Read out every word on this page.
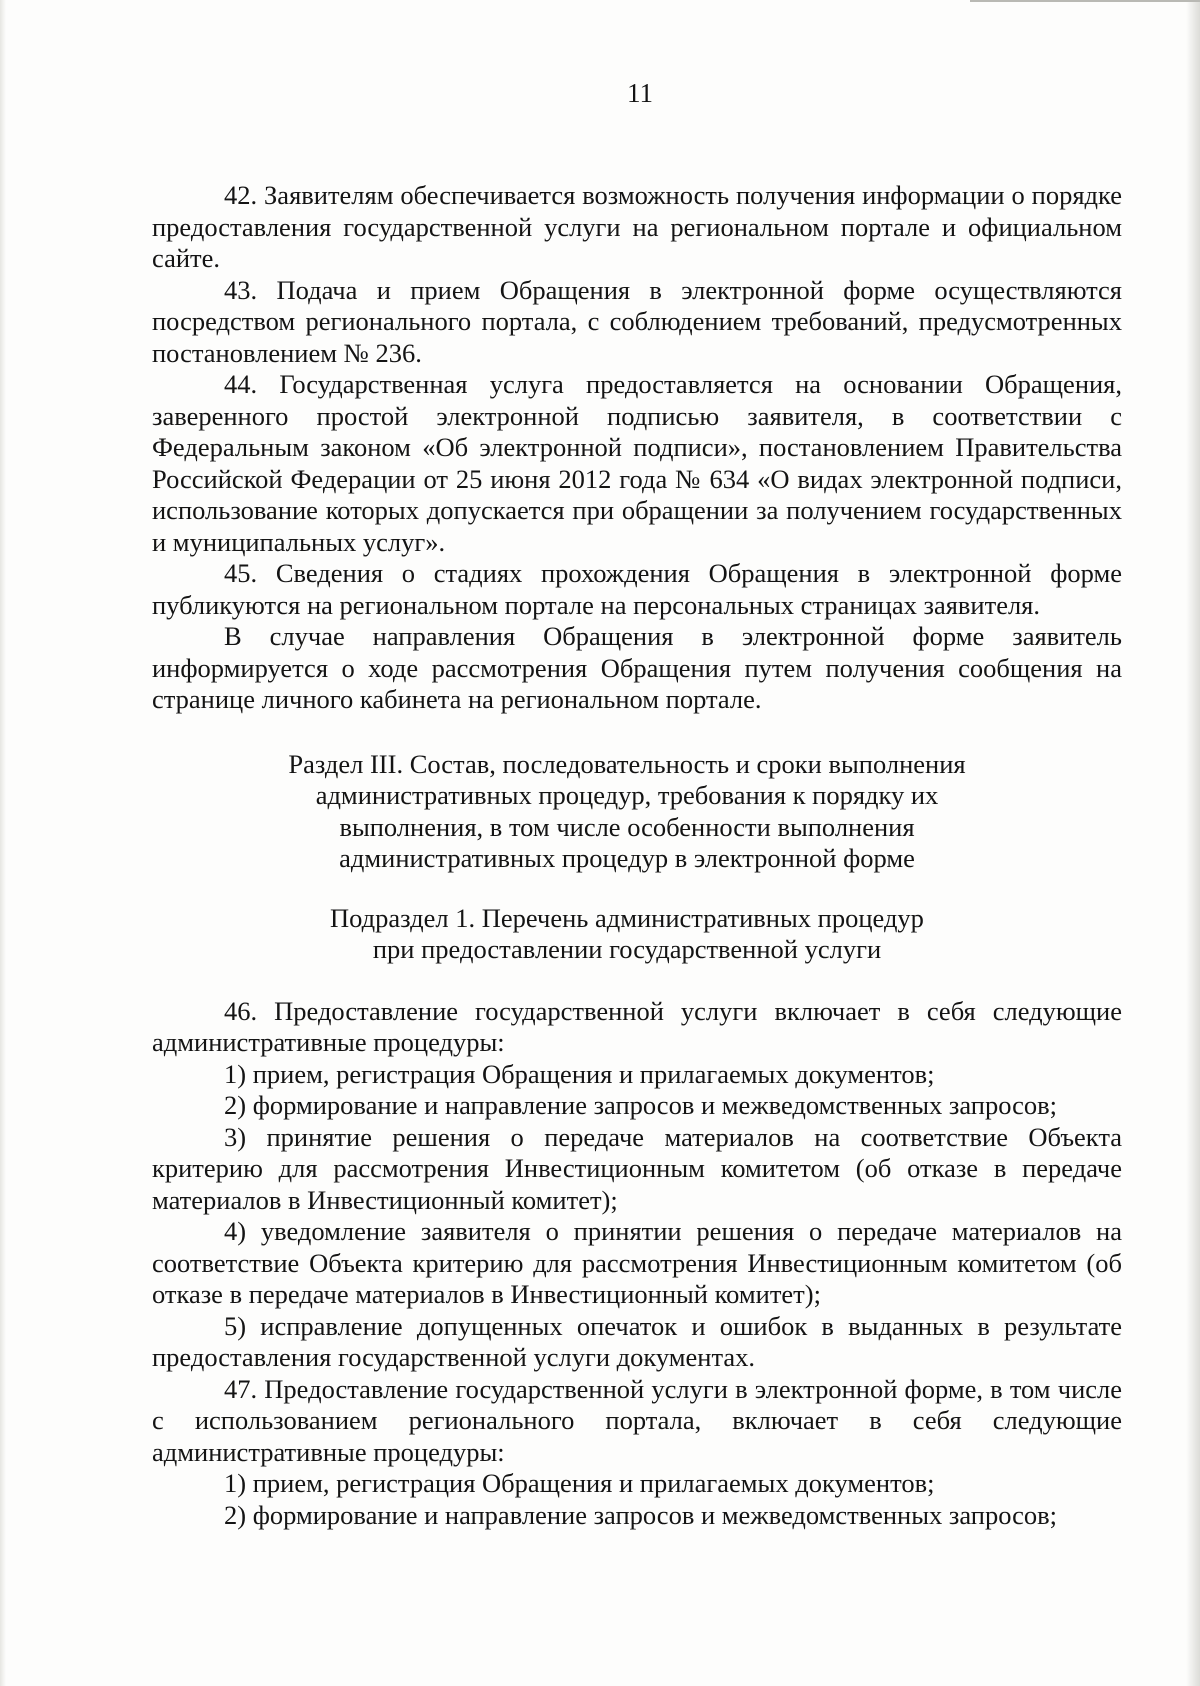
11

42. Заявителям обеспечивается возможность получения информации о порядке предоставления государственной услуги на региональном портале и официальном сайте.

43. Подача и прием Обращения в электронной форме осуществляются посредством регионального портала, с соблюдением требований, предусмотренных постановлением № 236.

44. Государственная услуга предоставляется на основании Обращения, заверенного простой электронной подписью заявителя, в соответствии с Федеральным законом «Об электронной подписи», постановлением Правительства Российской Федерации от 25 июня 2012 года № 634 «О видах электронной подписи, использование которых допускается при обращении за получением государственных и муниципальных услуг».

45. Сведения о стадиях прохождения Обращения в электронной форме публикуются на региональном портале на персональных страницах заявителя.

В случае направления Обращения в электронной форме заявитель информируется о ходе рассмотрения Обращения путем получения сообщения на странице личного кабинета на региональном портале.

Раздел III. Состав, последовательность и сроки выполнения
административных процедур, требования к порядку их
выполнения, в том числе особенности выполнения
административных процедур в электронной форме
Подраздел 1. Перечень административных процедур
при предоставлении государственной услуги

46. Предоставление государственной услуги включает в себя следующие административные процедуры:

1) прием, регистрация Обращения и прилагаемых документов;

2) формирование и направление запросов и межведомственных запросов;

3) принятие решения о передаче материалов на соответствие Объекта критерию для рассмотрения Инвестиционным комитетом (об отказе в передаче материалов в Инвестиционный комитет);

4) уведомление заявителя о принятии решения о передаче материалов на соответствие Объекта критерию для рассмотрения Инвестиционным комитетом (об отказе в передаче материалов в Инвестиционный комитет);

5) исправление допущенных опечаток и ошибок в выданных в результате предоставления государственной услуги документах.

47. Предоставление государственной услуги в электронной форме, в том числе с использованием регионального портала, включает в себя следующие административные процедуры:

1) прием, регистрация Обращения и прилагаемых документов;

2) формирование и направление запросов и межведомственных запросов;
